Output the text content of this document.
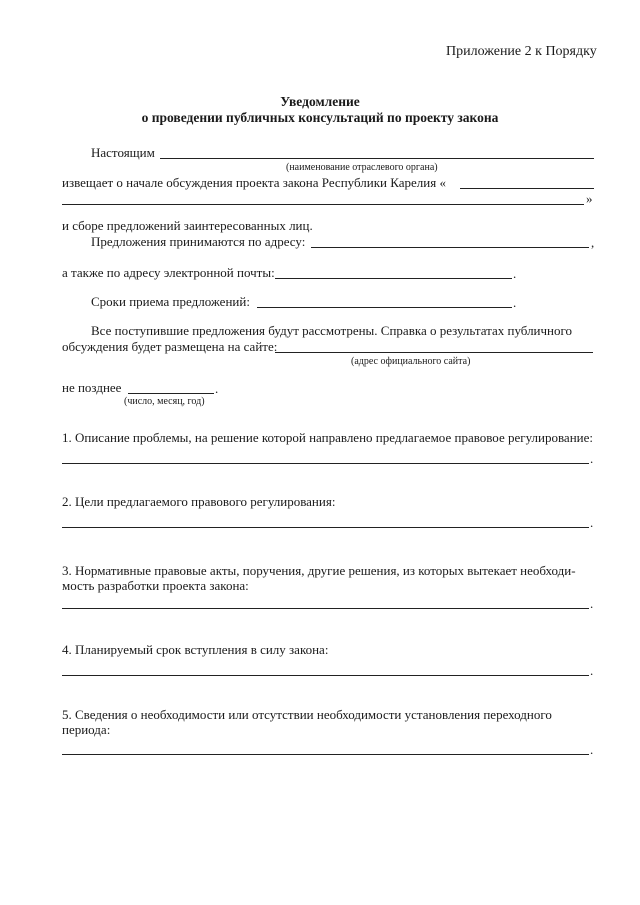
Приложение 2 к Порядку
Уведомление
о проведении публичных консультаций по проекту закона
Настоящим
(наименование отраслевого органа)
извещает о начале обсуждения проекта закона Республики Карелия «
»
и сборе предложений заинтересованных лиц.
Предложения принимаются по адресу:	,
а также по адресу электронной почты:	.
Сроки приема предложений:	.
Все поступившие предложения будут рассмотрены. Справка о результатах публичного
обсуждения будет размещена на сайте:
(адрес официального сайта)
не позднее	.
(число, месяц, год)
1. Описание проблемы, на решение которой направлено предлагаемое правовое регулирование:
.
2. Цели предлагаемого правового регулирования:
.
3. Нормативные правовые акты, поручения, другие решения, из которых вытекает необходи-
мость разработки проекта закона:
.
4. Планируемый срок вступления в силу закона:
.
5. Сведения о необходимости или отсутствии необходимости установления переходного
периода:
.
